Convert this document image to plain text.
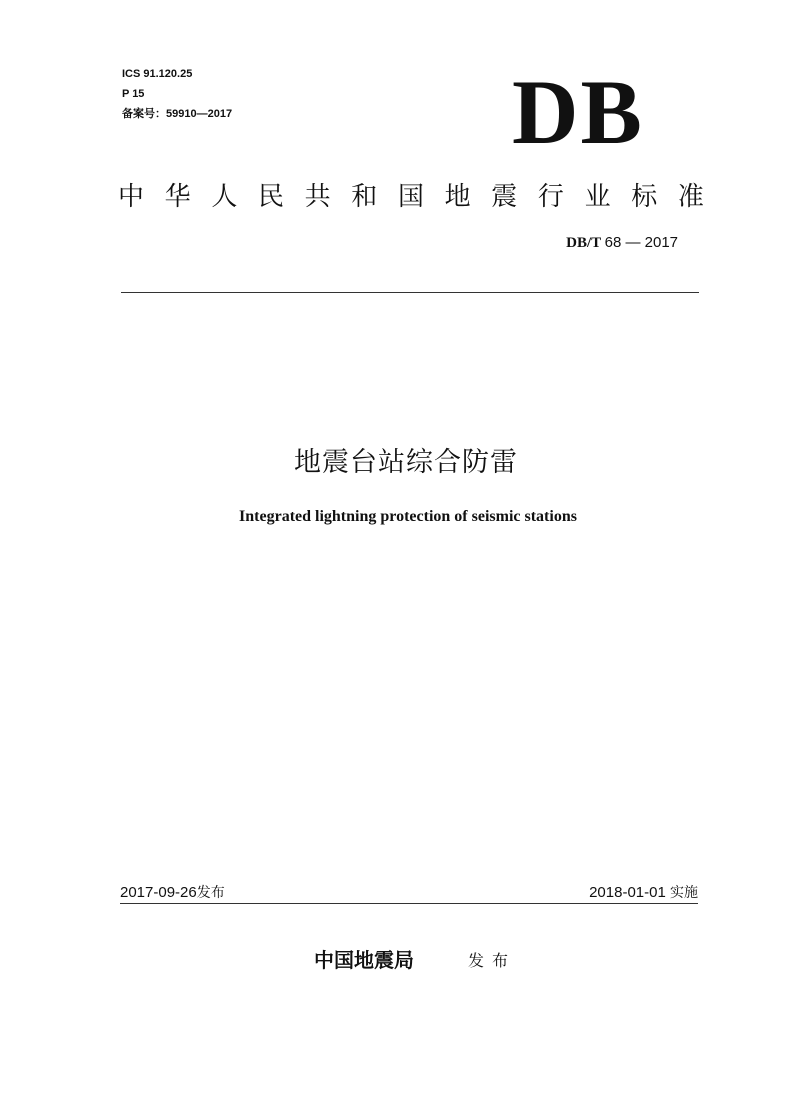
ICS 91.120.25
P 15
备案号：59910—2017	DB
中 华 人 民 共 和 国 地 震 行 业 标 准
DB/T 68 — 2017
地震台站综合防雷
Integrated lightning protection of seismic stations
2017-09-26发布	2018-01-01 实施
中国地震局	发布
